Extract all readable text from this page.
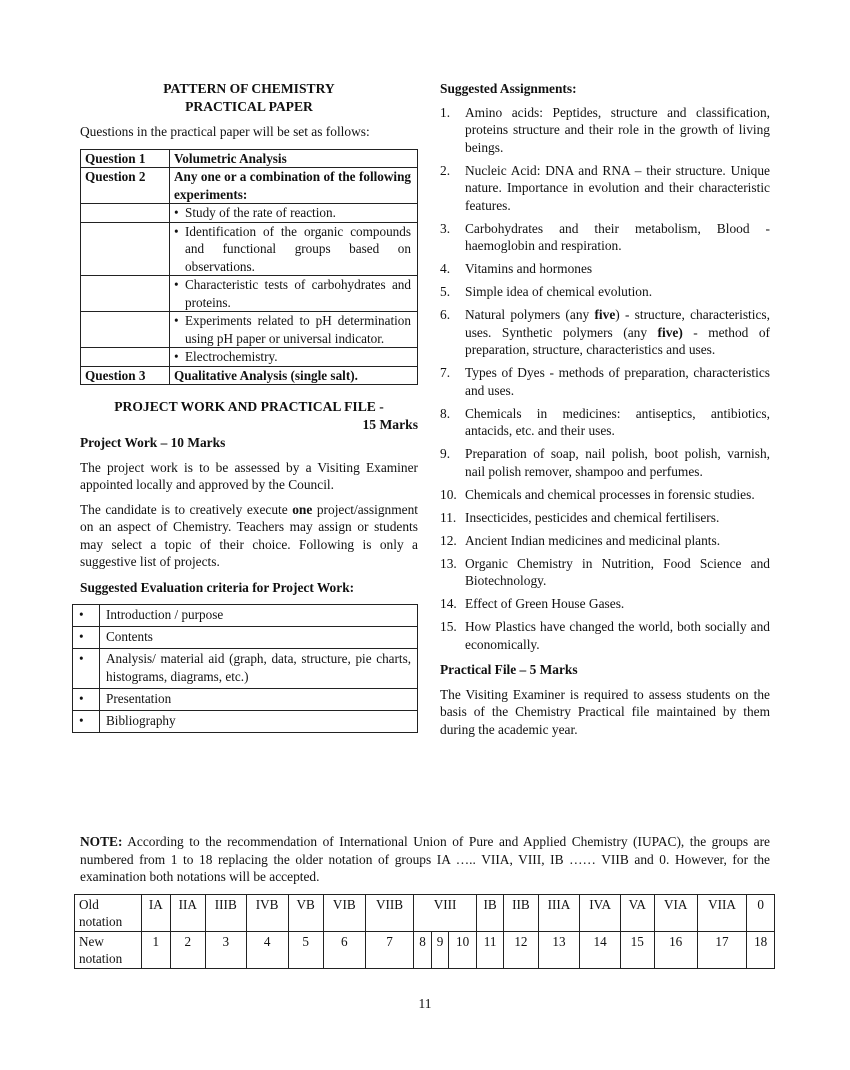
PATTERN OF CHEMISTRY
PRACTICAL PAPER

Questions in the practical paper will be set as follows:

Question 1	Volumetric Analysis
Question 2	Any one or a combination of the following experiments:

	• Study of the rate of reaction.

	• Identification of the organic compounds and functional groups based on observations.

	• Characteristic tests of carbohydrates and proteins.

	• Experiments related to pH determination using pH paper or universal indicator.

	• Electrochemistry.

Question 3	Qualitative Analysis (single salt).
PROJECT WORK AND PRACTICAL FILE -
15 Marks

Project Work – 10 Marks

The project work is to be assessed by a Visiting Examiner appointed locally and approved by the Council.

The candidate is to creatively execute one project/assignment on an aspect of Chemistry. Teachers may assign or students may select a topic of their choice. Following is only a suggestive list of projects.

Suggested Evaluation criteria for Project Work:

•	Introduction / purpose
•	Contents
•	Analysis/ material aid (graph, data, structure, pie charts, histograms, diagrams, etc.)
•	Presentation
•	Bibliography

Suggested Assignments:

1. Amino acids: Peptides, structure and classification, proteins structure and their role in the growth of living beings.
2. Nucleic Acid: DNA and RNA – their structure. Unique nature. Importance in evolution and their characteristic features.
3. Carbohydrates and their metabolism, Blood - haemoglobin and respiration.
4. Vitamins and hormones
5. Simple idea of chemical evolution.
6. Natural polymers (any five) - structure, characteristics, uses. Synthetic polymers (any five) - method of preparation, structure, characteristics and uses.
7. Types of Dyes - methods of preparation, characteristics and uses.
8. Chemicals in medicines: antiseptics, antibiotics, antacids, etc. and their uses.
9. Preparation of soap, nail polish, boot polish, varnish, nail polish remover, shampoo and perfumes.
10. Chemicals and chemical processes in forensic studies.
11. Insecticides, pesticides and chemical fertilisers.
12. Ancient Indian medicines and medicinal plants.
13. Organic Chemistry in Nutrition, Food Science and Biotechnology.
14. Effect of Green House Gases.
15. How Plastics have changed the world, both socially and economically.

Practical File – 5 Marks

The Visiting Examiner is required to assess students on the basis of the Chemistry Practical file maintained by them during the academic year.

NOTE: According to the recommendation of International Union of Pure and Applied Chemistry (IUPAC), the groups are numbered from 1 to 18 replacing the older notation of groups IA ….. VIIA, VIII, IB …… VIIB and 0. However, for the examination both notations will be accepted.
Old notation	IA	IIA	IIIB	IVB	VB	VIB	VIIB	VIII			IB	IIB	IIIA	IVA	VA	VIA	VIIA	0
New notation	1	2	3	4	5	6	7	8	9	10	11	12	13	14	15	16	17	18
11
